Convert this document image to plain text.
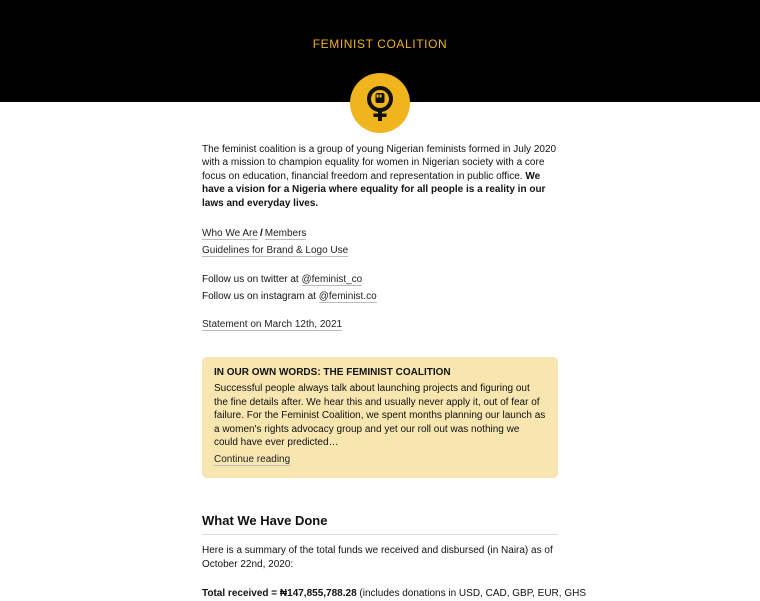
FEMINIST COALITION

The feminist coalition is a group of young Nigerian feminists formed in July 2020 with a mission to champion equality for women in Nigerian society with a core focus on education, financial freedom and representation in public office. We have a vision for a Nigeria where equality for all people is a reality in our laws and everyday lives.

Who We Are / Members
Guidelines for Brand & Logo Use

Follow us on twitter at @feminist_co
Follow us on instagram at @feminist.co

Statement on March 12th, 2021

IN OUR OWN WORDS: THE FEMINIST COALITION

Successful people always talk about launching projects and figuring out the fine details after. We hear this and usually never apply it, out of fear of failure. For the Feminist Coalition, we spent months planning our launch as a women's rights advocacy group and yet our roll out was nothing we could have ever predicted…

Continue reading

What We Have Done

Here is a summary of the total funds we received and disbursed (in Naira) as of October 22nd, 2020:

Total received = ₦147,855,788.28 (includes donations in USD, CAD, GBP, EUR, GHS
